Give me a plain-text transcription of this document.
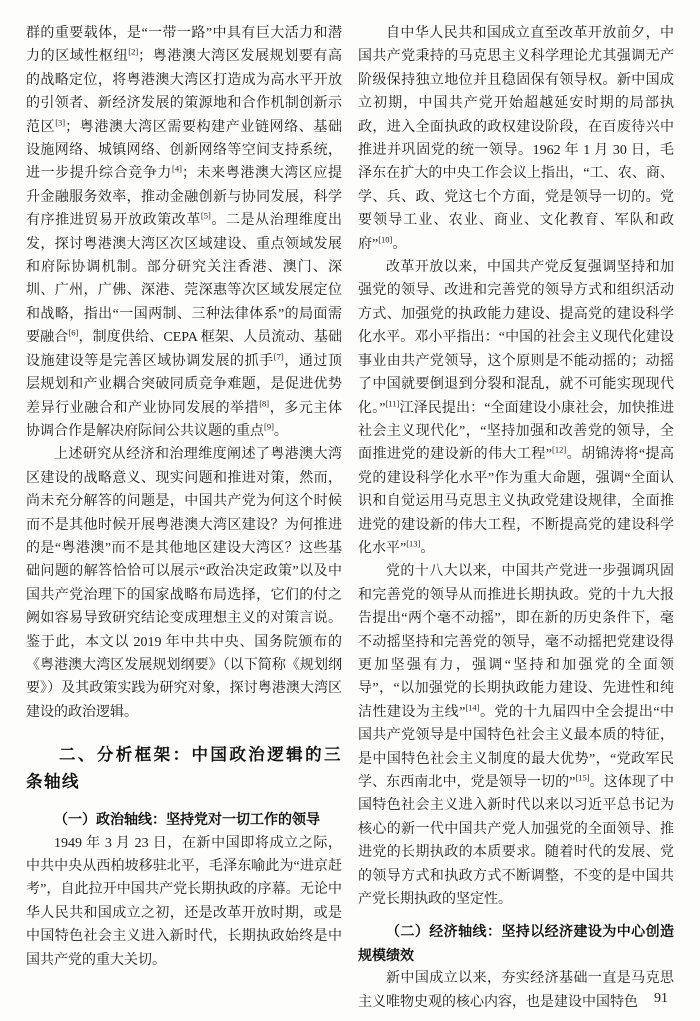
群的重要载体，是“一带一路”中具有巨大活力和潜力的区域性枢纽[2]；粤港澳大湾区发展规划要有高的战略定位，将粤港澳大湾区打造成为高水平开放的引领者、新经济发展的策源地和合作机制创新示范区[3]；粤港澳大湾区需要构建产业链网络、基础设施网络、城镇网络、创新网络等空间支持系统，进一步提升综合竞争力[4]；未来粤港澳大湾区应提升金融服务效率，推动金融创新与协同发展，科学有序推进贸易开放政策改革[5]。二是从治理维度出发，探讨粤港澳大湾区次区域建设、重点领域发展和府际协调机制。部分研究关注香港、澳门、深圳、广州，广佛、深港、莞深惠等次区域发展定位和战略，指出“一国两制、三种法律体系”的局面需要融合[6]，制度供给、CEPA 框架、人员流动、基础设施建设等是完善区域协调发展的抓手[7]，通过顶层规划和产业耦合突破同质竞争难题，是促进优势差异行业融合和产业协同发展的举措[8]，多元主体协调合作是解决府际间公共议题的重点[9]。

上述研究从经济和治理维度阐述了粤港澳大湾区建设的战略意义、现实问题和推进对策，然而，尚未充分解答的问题是，中国共产党为何这个时候而不是其他时候开展粤港澳大湾区建设？为何推进的是“粤港澳”而不是其他地区建设大湾区？这些基础问题的解答恰恰可以展示“政治决定政策”以及中国共产党治理下的国家战略布局选择，它们的付之阙如容易导致研究结论变成理想主义的对策言说。鉴于此，本文以 2019 年中共中央、国务院颁布的《粤港澳大湾区发展规划纲要》（以下简称《规划纲要》）及其政策实践为研究对象，探讨粤港澳大湾区建设的政治逻辑。

二、分析框架：中国政治逻辑的三条轴线
（一）政治轴线：坚持党对一切工作的领导

1949 年 3 月 23 日，在新中国即将成立之际，中共中央从西柏坡移驻北平，毛泽东喻此为“进京赶考”，自此拉开中国共产党长期执政的序幕。无论中华人民共和国成立之初，还是改革开放时期，或是中国特色社会主义进入新时代，长期执政始终是中国共产党的重大关切。

自中华人民共和国成立直至改革开放前夕，中国共产党秉持的马克思主义科学理论尤其强调无产阶级保持独立地位并且稳固保有领导权。新中国成立初期，中国共产党开始超越延安时期的局部执政，进入全面执政的政权建设阶段，在百废待兴中推进并巩固党的统一领导。1962 年 1 月 30 日，毛泽东在扩大的中央工作会议上指出，“工、农、商、学、兵、政、党这七个方面，党是领导一切的。党要领导工业、农业、商业、文化教育、军队和政府”[10]。

改革开放以来，中国共产党反复强调坚持和加强党的领导、改进和完善党的领导方式和组织活动方式、加强党的执政能力建设、提高党的建设科学化水平。邓小平指出：“中国的社会主义现代化建设事业由共产党领导，这个原则是不能动摇的；动摇了中国就要倒退到分裂和混乱，就不可能实现现代化。”[11]江泽民提出：“全面建设小康社会，加快推进社会主义现代化”，“坚持加强和改善党的领导，全面推进党的建设新的伟大工程”[12]。胡锦涛将“提高党的建设科学化水平”作为重大命题，强调“全面认识和自觉运用马克思主义执政党建设规律，全面推进党的建设新的伟大工程，不断提高党的建设科学化水平”[13]。

党的十八大以来，中国共产党进一步强调巩固和完善党的领导从而推进长期执政。党的十九大报告提出“两个毫不动摇”，即在新的历史条件下，毫不动摇坚持和完善党的领导，毫不动摇把党建设得更加坚强有力，强调“坚持和加强党的全面领导”，“以加强党的长期执政能力建设、先进性和纯洁性建设为主线”[14]。党的十九届四中全会提出“中国共产党领导是中国特色社会主义最本质的特征，是中国特色社会主义制度的最大优势”，“党政军民学、东西南北中，党是领导一切的”[15]。这体现了中国特色社会主义进入新时代以来以习近平总书记为核心的新一代中国共产党人加强党的全面领导、推进党的长期执政的本质要求。随着时代的发展、党的领导方式和执政方式不断调整，不变的是中国共产党长期执政的坚定性。

（二）经济轴线：坚持以经济建设为中心创造规模绩效

新中国成立以来，夯实经济基础一直是马克思主义唯物史观的核心内容，也是建设中国特色	91
